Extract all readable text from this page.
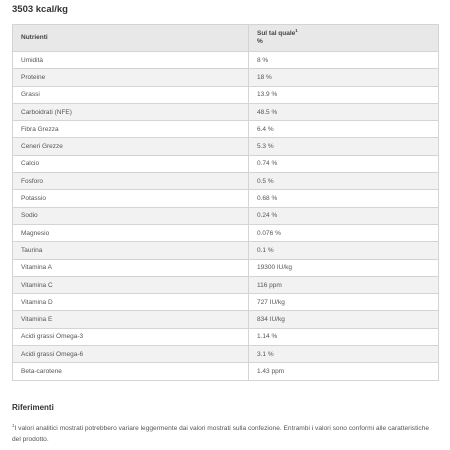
3503 kcal/kg
Nutrienti	Sul tal quale$^1$
%
Umidità	8 %
Proteine	18 %
Grassi	13.9 %
Carboidrati (NFE)	48.5 %
Fibra Grezza	6.4 %
Ceneri Grezze	5.3 %
Calcio	0.74 %
Fosforo	0.5 %
Potassio	0.68 %
Sodio	0.24 %
Magnesio	0.076 %
Taurina	0.1 %
Vitamina A	19300 IU/kg
Vitamina C	116 ppm
Vitamina D	727 IU/kg
Vitamina E	834 IU/kg
Acidi grassi Omega-3	1.14 %
Acidi grassi Omega-6	3.1 %
Beta-carotene	1.43 ppm
Riferimenti
$^1$I valori analitici mostrati potrebbero variare leggermente dai valori mostrati sulla confezione. Entrambi i valori sono conformi alle caratteristiche del prodotto.
